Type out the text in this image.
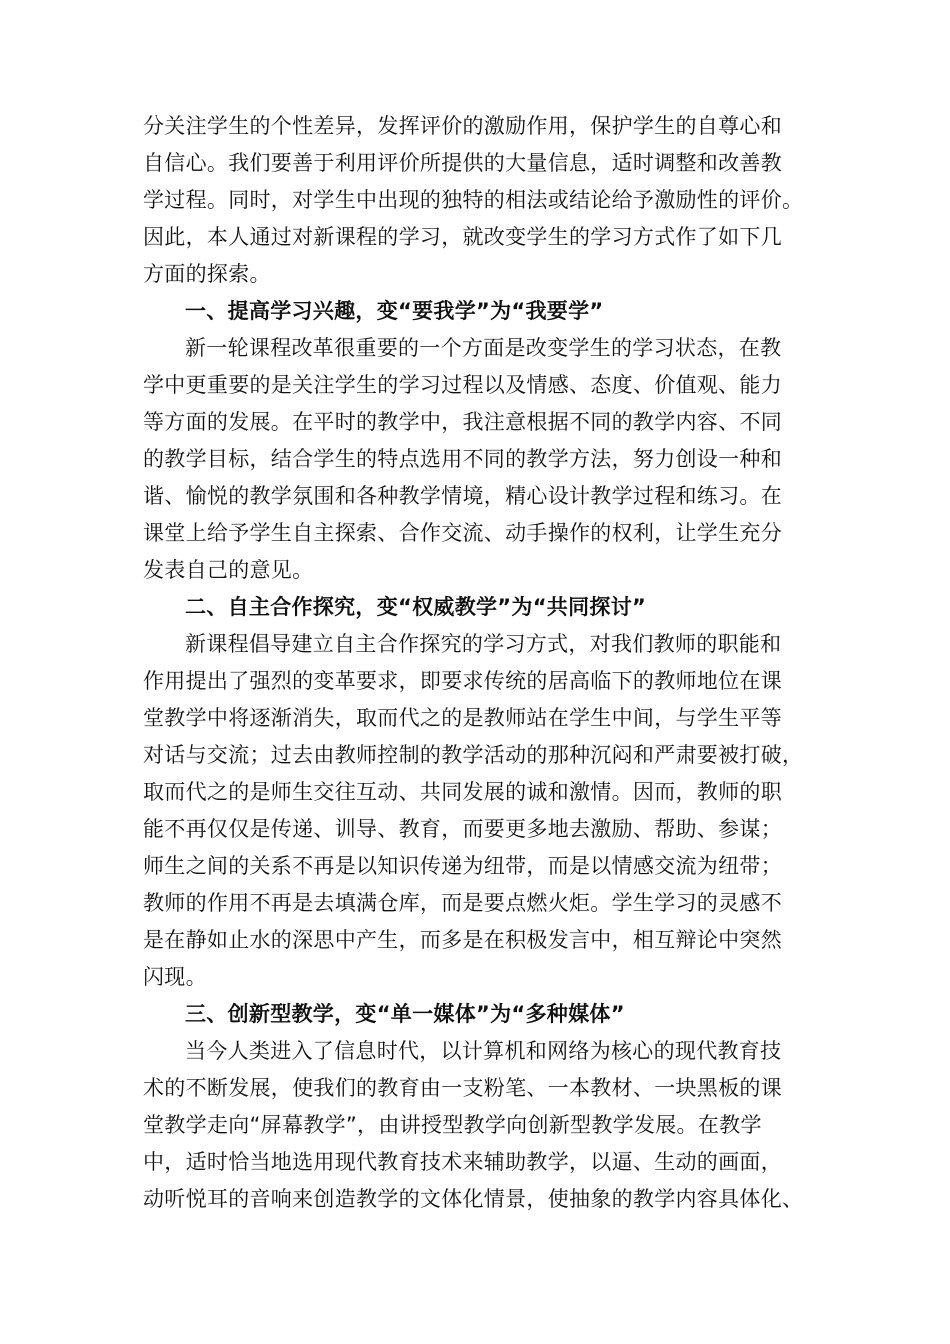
分关注学生的个性差异，发挥评价的激励作用，保护学生的自尊心和
自信心。我们要善于利用评价所提供的大量信息，适时调整和改善教
学过程。同时，对学生中出现的独特的相法或结论给予激励性的评价。
因此，本人通过对新课程的学习，就改变学生的学习方式作了如下几
方面的探索。
一、提高学习兴趣，变“要我学”为“我要学”
新一轮课程改革很重要的一个方面是改变学生的学习状态，在教
学中更重要的是关注学生的学习过程以及情感、态度、价值观、能力
等方面的发展。在平时的教学中，我注意根据不同的教学内容、不同
的教学目标，结合学生的特点选用不同的教学方法，努力创设一种和
谐、愉悦的教学氛围和各种教学情境，精心设计教学过程和练习。在
课堂上给予学生自主探索、合作交流、动手操作的权利，让学生充分
发表自己的意见。
二、自主合作探究，变“权威教学”为“共同探讨”
新课程倡导建立自主合作探究的学习方式，对我们教师的职能和
作用提出了强烈的变革要求，即要求传统的居高临下的教师地位在课
堂教学中将逐渐消失，取而代之的是教师站在学生中间，与学生平等
对话与交流；过去由教师控制的教学活动的那种沉闷和严肃要被打破，
取而代之的是师生交往互动、共同发展的诚和激情。因而，教师的职
能不再仅仅是传递、训导、教育，而要更多地去激励、帮助、参谋；
师生之间的关系不再是以知识传递为纽带，而是以情感交流为纽带；
教师的作用不再是去填满仓库，而是要点燃火炬。学生学习的灵感不
是在静如止水的深思中产生，而多是在积极发言中，相互辩论中突然
闪现。
三、创新型教学，变“单一媒体”为“多种媒体”
当今人类进入了信息时代，以计算机和网络为核心的现代教育技
术的不断发展，使我们的教育由一支粉笔、一本教材、一块黑板的课
堂教学走向“屏幕教学”，由讲授型教学向创新型教学发展。在教学
中，适时恰当地选用现代教育技术来辅助教学，以逼、生动的画面，
动听悦耳的音响来创造教学的文体化情景，使抽象的教学内容具体化、
